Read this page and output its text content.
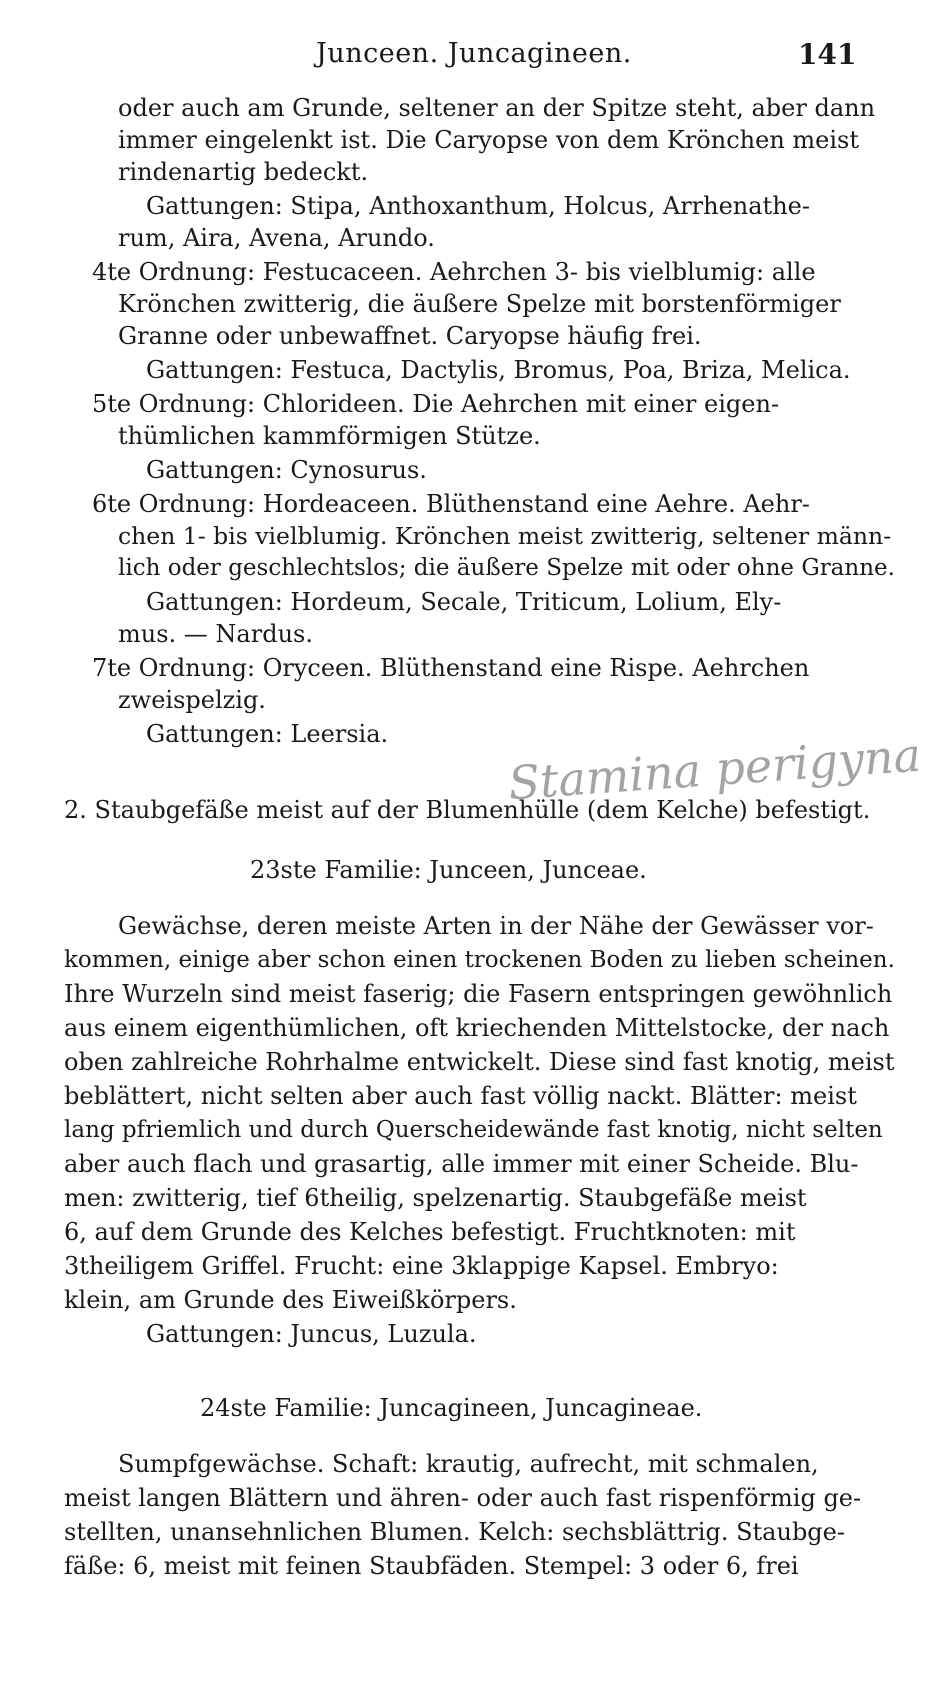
Junceen. Juncagineen.	141
oder auch am Grunde, seltener an der Spitze steht, aber dann
immer eingelenkt ist. Die Caryopse von dem Krönchen meist
rindenartig bedeckt.
Gattungen: Stipa, Anthoxanthum, Holcus, Arrhenathe-
rum, Aira, Avena, Arundo.
4te Ordnung: Festucaceen. Aehrchen 3- bis vielblumig: alle
Krönchen zwitterig, die äußere Spelze mit borstenförmiger
Granne oder unbewaffnet. Caryopse häufig frei.
Gattungen: Festuca, Dactylis, Bromus, Poa, Briza, Melica.
5te Ordnung: Chlorideen. Die Aehrchen mit einer eigen-
thümlichen kammförmigen Stütze.
Gattungen: Cynosurus.
6te Ordnung: Hordeaceen. Blüthenstand eine Aehre. Aehr-
chen 1- bis vielblumig. Krönchen meist zwitterig, seltener männ-
lich oder geschlechtslos; die äußere Spelze mit oder ohne Granne.
Gattungen: Hordeum, Secale, Triticum, Lolium, Ely-
mus. — Nardus.
7te Ordnung: Oryceen. Blüthenstand eine Rispe. Aehrchen
zweispelzig.
Gattungen: Leersia.
2. Staubgefäße meist auf der Blumenhülle (dem Kelche) befestigt.
23ste Familie: Junceen, Junceae.
Gewächse, deren meiste Arten in der Nähe der Gewässer vor-
kommen, einige aber schon einen trockenen Boden zu lieben scheinen.
Ihre Wurzeln sind meist faserig; die Fasern entspringen gewöhnlich
aus einem eigenthümlichen, oft kriechenden Mittelstocke, der nach
oben zahlreiche Rohrhalme entwickelt. Diese sind fast knotig, meist
beblättert, nicht selten aber auch fast völlig nackt. Blätter: meist
lang pfriemlich und durch Querscheidewände fast knotig, nicht selten
aber auch flach und grasartig, alle immer mit einer Scheide. Blu-
men: zwitterig, tief 6theilig, spelzenartig. Staubgefäße meist
6, auf dem Grunde des Kelches befestigt. Fruchtknoten: mit
3theiligem Griffel. Frucht: eine 3klappige Kapsel. Embryo:
klein, am Grunde des Eiweißkörpers.
Gattungen: Juncus, Luzula.
24ste Familie: Juncagineen, Juncagineae.
Sumpfgewächse. Schaft: krautig, aufrecht, mit schmalen,
meist langen Blättern und ähren- oder auch fast rispenförmig ge-
stellten, unansehnlichen Blumen. Kelch: sechsblättrig. Staubge-
fäße: 6, meist mit feinen Staubfäden. Stempel: 3 oder 6, frei
Stamina perigyna
